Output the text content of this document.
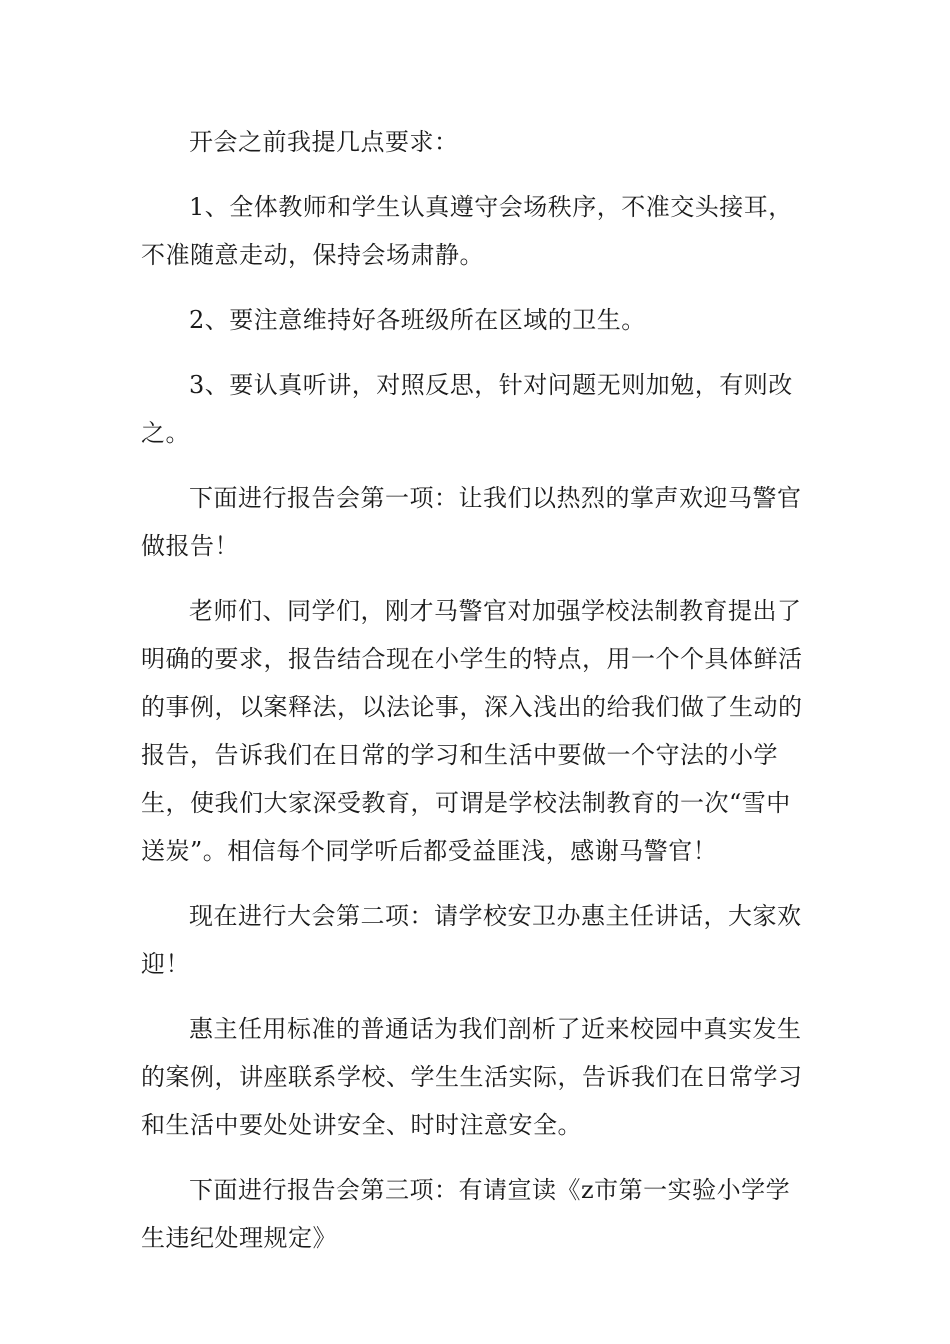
开会之前我提几点要求：

1、全体教师和学生认真遵守会场秩序，不准交头接耳，不准随意走动，保持会场肃静。

2、要注意维持好各班级所在区域的卫生。

3、要认真听讲，对照反思，针对问题无则加勉，有则改之。

下面进行报告会第一项：让我们以热烈的掌声欢迎马警官做报告！

老师们、同学们，刚才马警官对加强学校法制教育提出了明确的要求，报告结合现在小学生的特点，用一个个具体鲜活的事例，以案释法，以法论事，深入浅出的给我们做了生动的报告，告诉我们在日常的学习和生活中要做一个守法的小学生，使我们大家深受教育，可谓是学校法制教育的一次“雪中送炭”。相信每个同学听后都受益匪浅，感谢马警官！

现在进行大会第二项：请学校安卫办惠主任讲话，大家欢迎！

惠主任用标准的普通话为我们剖析了近来校园中真实发生的案例，讲座联系学校、学生生活实际，告诉我们在日常学习和生活中要处处讲安全、时时注意安全。

下面进行报告会第三项：有请宣读《z市第一实验小学学生违纪处理规定》
